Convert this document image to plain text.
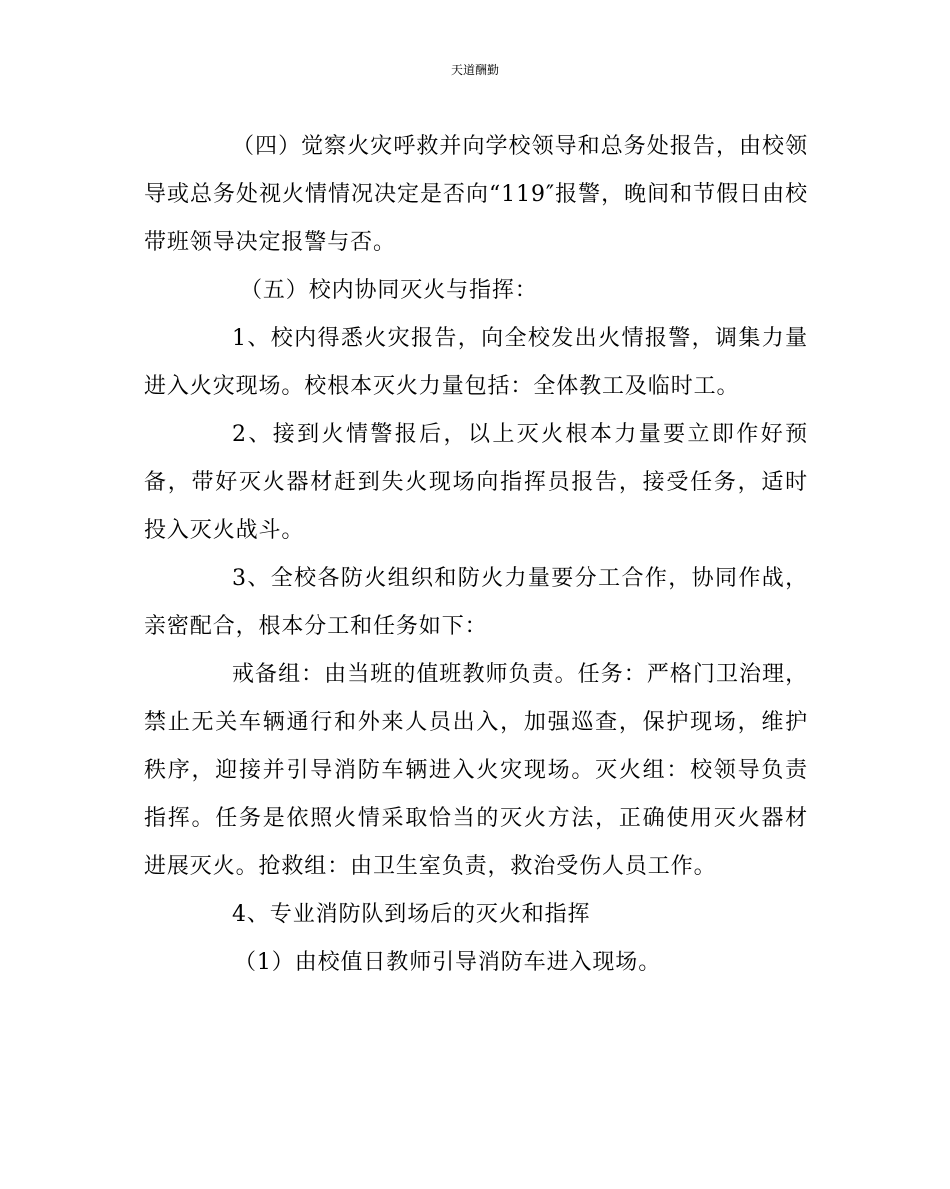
天道酬勤

（四）觉察火灾呼救并向学校领导和总务处报告，由校领导或总务处视火情情况决定是否向“119″报警，晚间和节假日由校带班领导决定报警与否。

（五）校内协同灭火与指挥：

1、校内得悉火灾报告，向全校发出火情报警，调集力量进入火灾现场。校根本灭火力量包括：全体教工及临时工。

2、接到火情警报后，以上灭火根本力量要立即作好预备，带好灭火器材赶到失火现场向指挥员报告，接受任务，适时投入灭火战斗。

3、全校各防火组织和防火力量要分工合作，协同作战，亲密配合，根本分工和任务如下：

戒备组：由当班的值班教师负责。任务：严格门卫治理，禁止无关车辆通行和外来人员出入，加强巡查，保护现场，维护秩序，迎接并引导消防车辆进入火灾现场。灭火组：校领导负责指挥。任务是依照火情采取恰当的灭火方法，正确使用灭火器材进展灭火。抢救组：由卫生室负责，救治受伤人员工作。

4、专业消防队到场后的灭火和指挥

（1）由校值日教师引导消防车进入现场。
